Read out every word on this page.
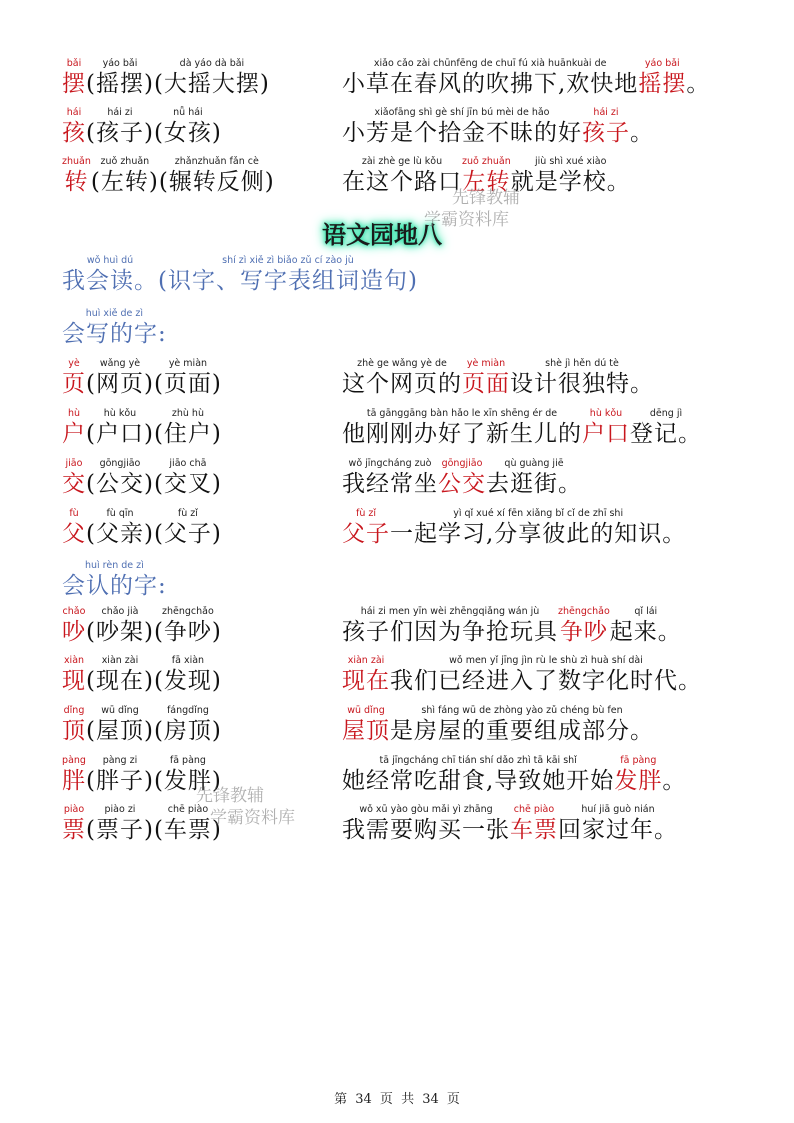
bǎi
摆
yáo bǎi
(摇摆)
dà yáo dà bǎi
(大摇大摆)
xiǎo cǎo zài chūnfēng de chuī fú xià huānkuài de
小草在春风的吹拂下,欢快地
yáo bǎi
摇摆 。
hái
孩
hái zi
(孩子)
nǚ hái
(女孩)
xiǎofāng shì gè shí jīn bú mèi de hǎo
小芳是个拾金不昧的好
hái zi
孩子 。
zhuǎn
转
zuǒ zhuǎn
(左转)
zhǎnzhuǎn fǎn cè
(辗转反侧)
zài zhè ge lù kǒu
在这个路口
zuǒ zhuǎn
左转
jiù shì xué xiào
就是学校。
语文园地八
wǒ huì dú
我会读。
shí zì xiě zì biǎo zǔ cí zào jù
(识字、写字表组词造句)
huì xiě de zì
会写的字:
yè
页
wǎng yè
(网页)
yè miàn
(页面)
zhè ge wǎng yè de
这个网页的
yè miàn
页面
shè jì hěn dú tè
设计很独特。
hù
户
hù kǒu
(户口)
zhù hù
(住户)
tā gānggāng bàn hǎo le xīn shēng ér de
他刚刚办好了新生儿的
hù kǒu
户口
dēng jì
登记。
jiāo
交
gōngjiāo
(公交)
jiāo chā
(交叉)
wǒ jīngcháng zuò
我经常坐
gōngjiāo
公交
qù guàng jiē
去逛街。
fù
父
fù qīn
(父亲)
fù zǐ
(父子)
fù zǐ
父子
yì qǐ xué xí fēn xiǎng bǐ cǐ de zhī shi
一起学习,分享彼此的知识。
huì rèn de zì
会认的字:
chǎo
吵
chǎo jià
(吵架)
zhēngchǎo
(争吵)
hái zi men yīn wèi zhēngqiǎng wán jù
孩子们因为争抢玩具
zhēngchǎo
争吵
qǐ lái
起来。
xiàn
现
xiàn zài
(现在)
fā xiàn
(发现)
xiàn zài
现在
wǒ men yǐ jīng jìn rù le shù zì huà shí dài
我们已经进入了数字化时代。
dǐng
顶
wū dǐng
(屋顶)
fángdǐng
(房顶)
wū dǐng
屋顶
shì fáng wū de zhòng yào zǔ chéng bù fen
是房屋的重要组成部分。
pàng
胖
pàng zi
(胖子)
fā pàng
(发胖)
tā jīngcháng chī tián shí dǎo zhì tā kāi shǐ
她经常吃甜食,导致她开始
fā pàng
发胖 。
piào
票
piào zi
(票子)
chē piào
(车票)
wǒ xū yào gòu mǎi yì zhāng
我需要购买一张
chē piào
车票
huí jiā guò nián
回家过年。
先锋教辅
学霸资料库
先锋教辅
学霸资料库
第 34 页 共 34 页
